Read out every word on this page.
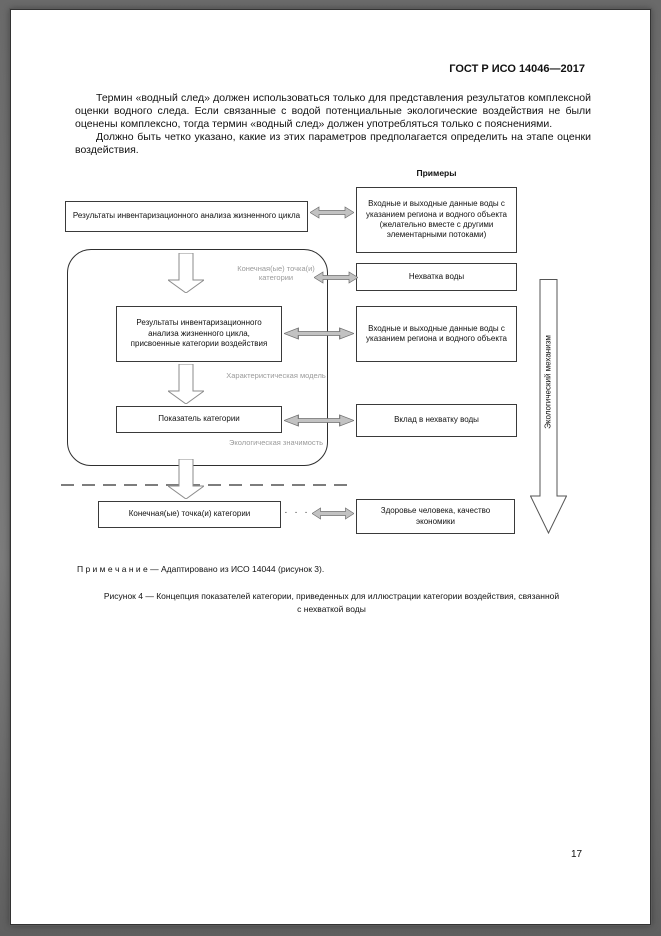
ГОСТ Р ИСО 14046—2017

Термин «водный след» должен использоваться только для представления результатов комплексной оценки водного следа. Если связанные с водой потенциальные экологические воздействия не были оценены комплексно, тогда термин «водный след» должен употребляться только с пояснениями.

Должно быть четко указано, какие из этих параметров предполагается определить на этапе оценки воздействия.

Примеры
Результаты инвентаризационного анализа жизненного цикла
Входные и выходные данные воды с указанием региона и водного объекта (желательно вместе с другими элементарными потоками)
Конечная(ые) точка(и) категории
Характеристическая модель
Экологическая значимость
Нехватка воды
Результаты инвентаризационного анализа жизненного цикла, присвоенные категории воздействия
Входные и выходные данные воды с указанием региона и водного объекта
Показатель категории	Вклад в нехватку воды
Конечная(ые) точка(и) категории	Здоровье человека, качество экономики
· · ·
Экологический механизм
П р и м е ч а н и е — Адаптировано из ИСО 14044 (рисунок 3).
Рисунок 4 — Концепция показателей категории, приведенных для иллюстрации категории воздействия, связанной с нехваткой воды
17
